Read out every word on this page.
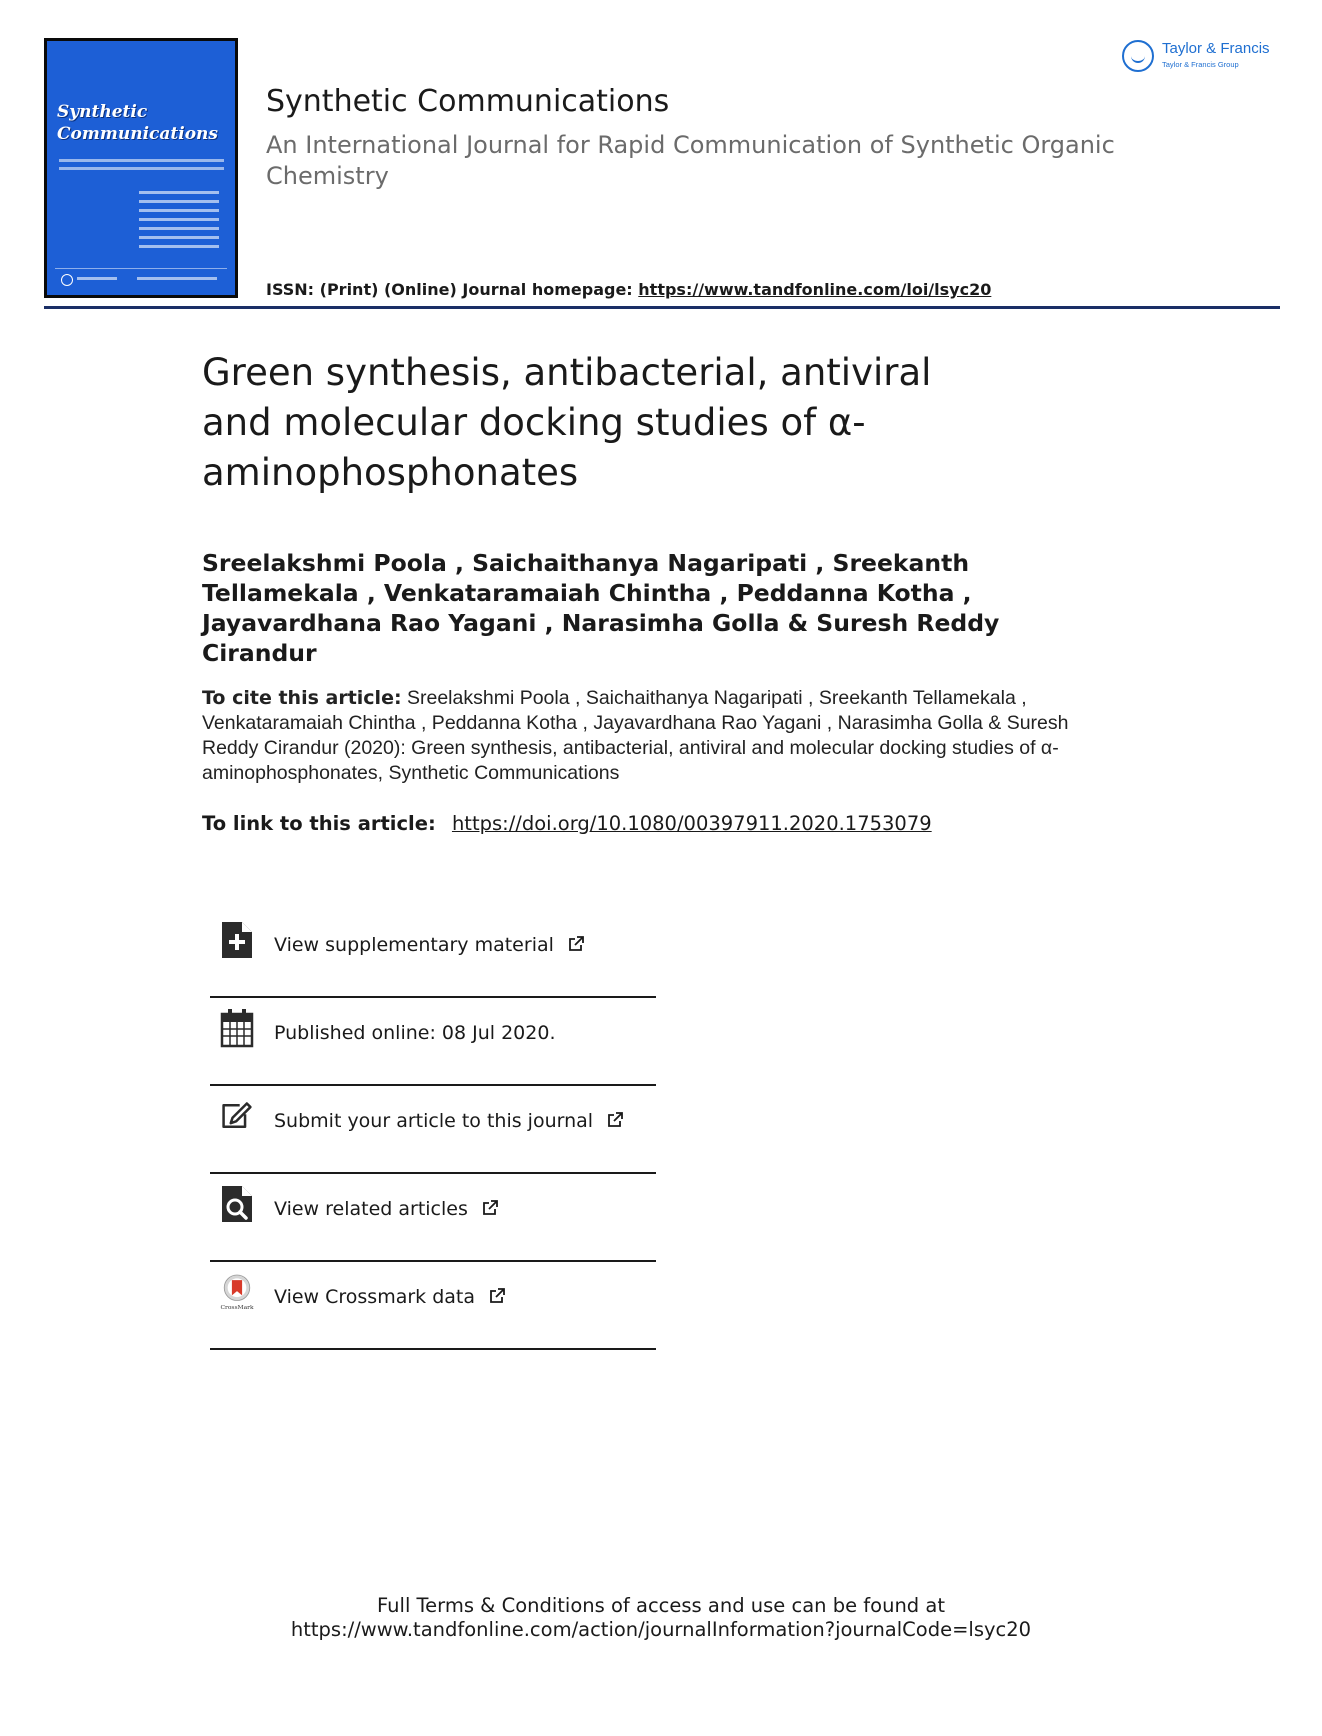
Synthetic
Communications
Taylor & Francis
Taylor & Francis Group
Synthetic Communications
An International Journal for Rapid Communication of Synthetic Organic Chemistry
ISSN: (Print) (Online) Journal homepage: https://www.tandfonline.com/loi/lsyc20
Green synthesis, antibacterial, antiviral and molecular docking studies of α-aminophosphonates
Sreelakshmi Poola , Saichaithanya Nagaripati , Sreekanth Tellamekala , Venkataramaiah Chintha , Peddanna Kotha , Jayavardhana Rao Yagani , Narasimha Golla & Suresh Reddy Cirandur
To cite this article: Sreelakshmi Poola , Saichaithanya Nagaripati , Sreekanth Tellamekala , Venkataramaiah Chintha , Peddanna Kotha , Jayavardhana Rao Yagani , Narasimha Golla & Suresh Reddy Cirandur (2020): Green synthesis, antibacterial, antiviral and molecular docking studies of α-aminophosphonates, Synthetic Communications
To link to this article: https://doi.org/10.1080/00397911.2020.1753079
View supplementary material
Published online: 08 Jul 2020.
Submit your article to this journal
View related articles
CrossMark View Crossmark data
Full Terms & Conditions of access and use can be found at
https://www.tandfonline.com/action/journalInformation?journalCode=lsyc20
